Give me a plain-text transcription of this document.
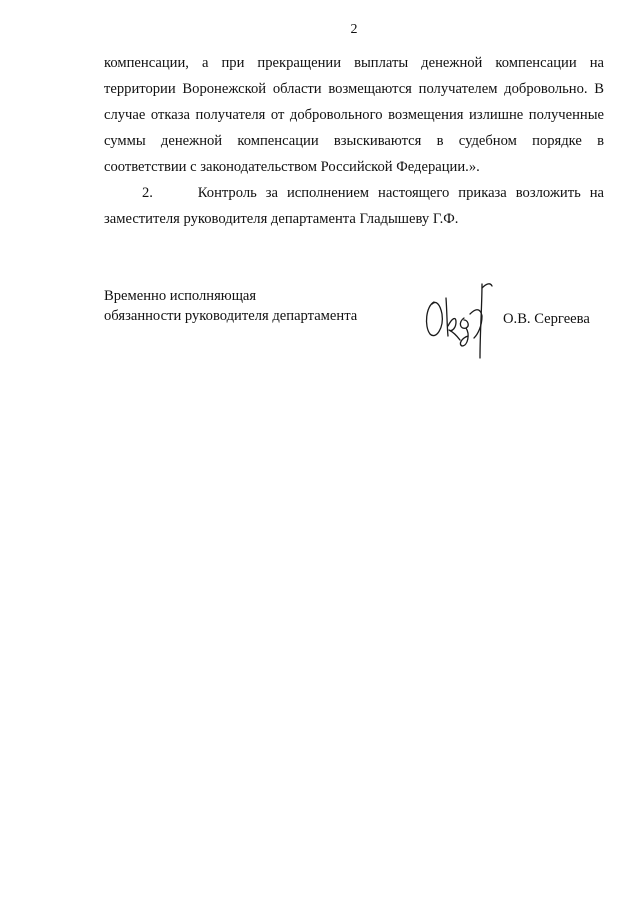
2

компенсации, а при прекращении выплаты денежной компенсации на территории Воронежской области возмещаются получателем добровольно. В случае отказа получателя от добровольного возмещения излишне полученные суммы денежной компенсации взыскиваются в судебном порядке в соответствии с законодательством Российской Федерации.».

2.	Контроль за исполнением настоящего приказа возложить на заместителя руководителя департамента Гладышеву Г.Ф.

Временно исполняющая
обязанности руководителя департамента	О.В. Сергеева
